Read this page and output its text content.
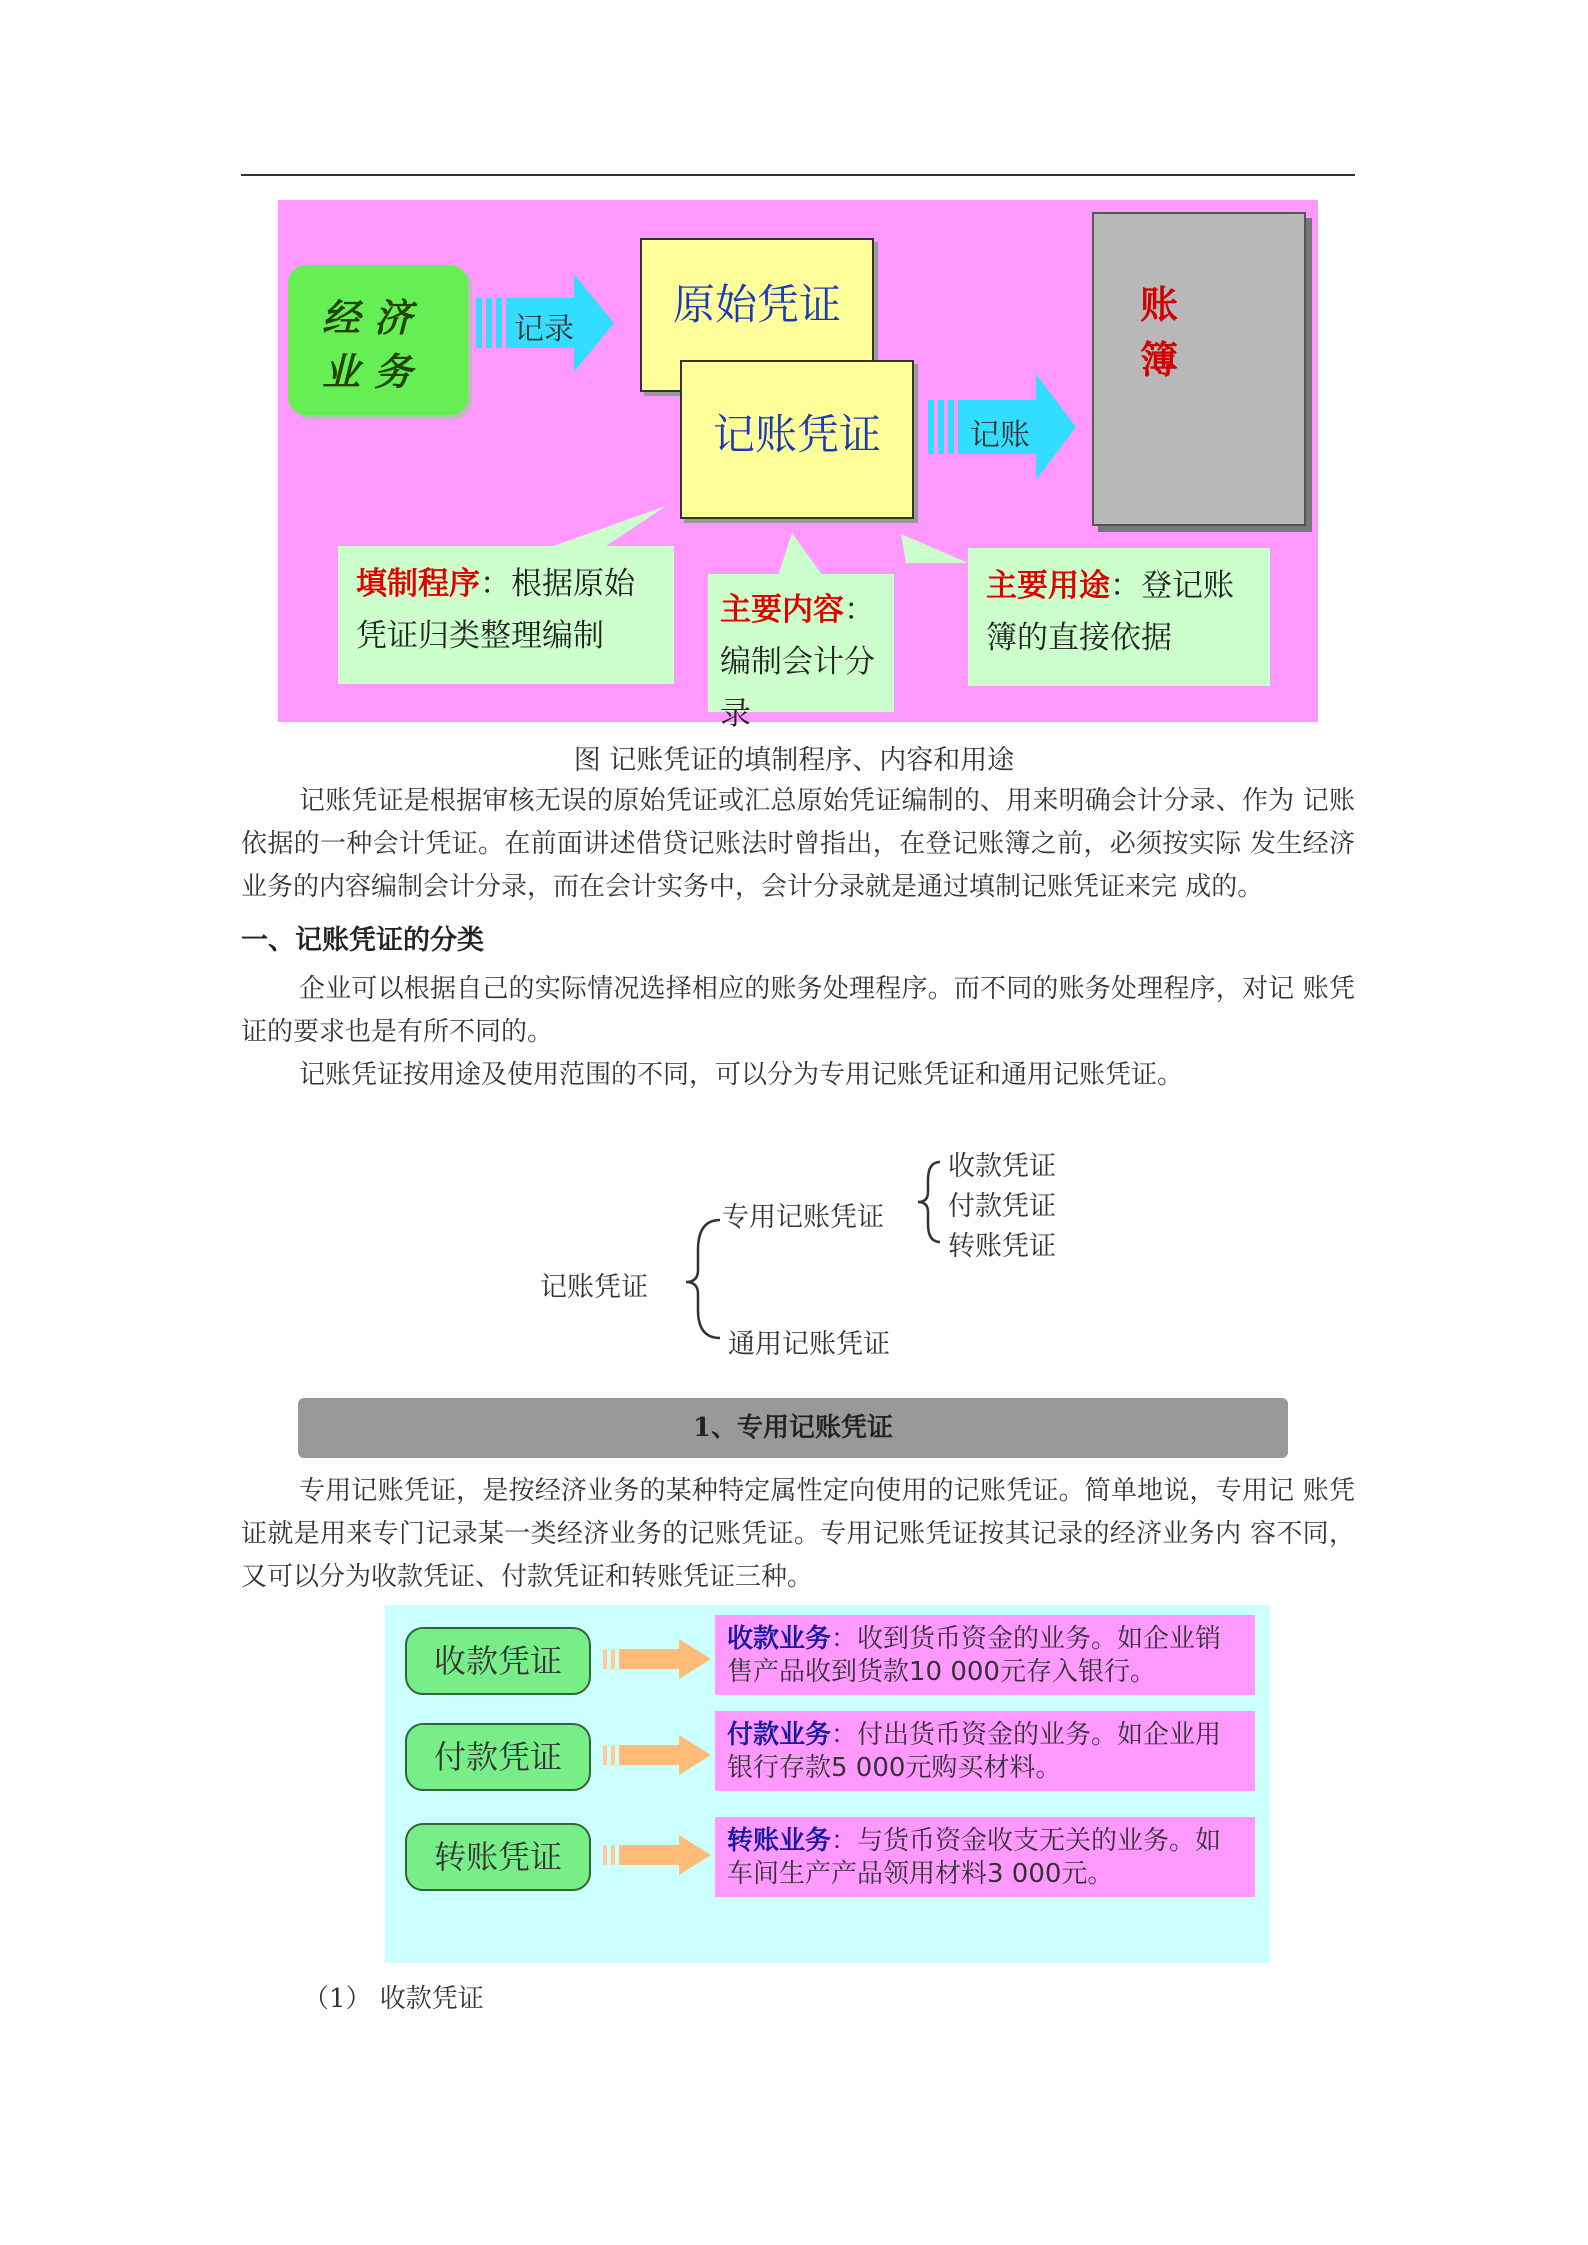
经济
业务
记录
原始凭证
记账凭证	记账
账 簿
填制程序：根据原始凭证归类整理编制
主要内容：编制会计分录
主要用途：登记账簿的直接依据
图 记账凭证的填制程序、内容和用途
记账凭证是根据审核无误的原始凭证或汇总原始凭证编制的、用来明确会计分录、作为 记账依据的一种会计凭证。在前面讲述借贷记账法时曾指出，在登记账簿之前，必须按实际 发生经济业务的内容编制会计分录，而在会计实务中，会计分录就是通过填制记账凭证来完 成的。
一、记账凭证的分类
企业可以根据自己的实际情况选择相应的账务处理程序。而不同的账务处理程序，对记 账凭证的要求也是有所不同的。
记账凭证按用途及使用范围的不同，可以分为专用记账凭证和通用记账凭证。
记账凭证
专用记账凭证
通用记账凭证
收款凭证
付款凭证
转账凭证
1、专用记账凭证
专用记账凭证，是按经济业务的某种特定属性定向使用的记账凭证。简单地说，专用记 账凭证就是用来专门记录某一类经济业务的记账凭证。专用记账凭证按其记录的经济业务内 容不同，又可以分为收款凭证、付款凭证和转账凭证三种。
收款凭证
收款业务：收到货币资金的业务。如企业销售产品收到货款10 000元存入银行。
付款凭证
付款业务：付出货币资金的业务。如企业用银行存款5 000元购买材料。
转账凭证	转账业务：与货币资金收支无关的业务。如车间生产产品领用材料3 000元。
（1） 收款凭证
